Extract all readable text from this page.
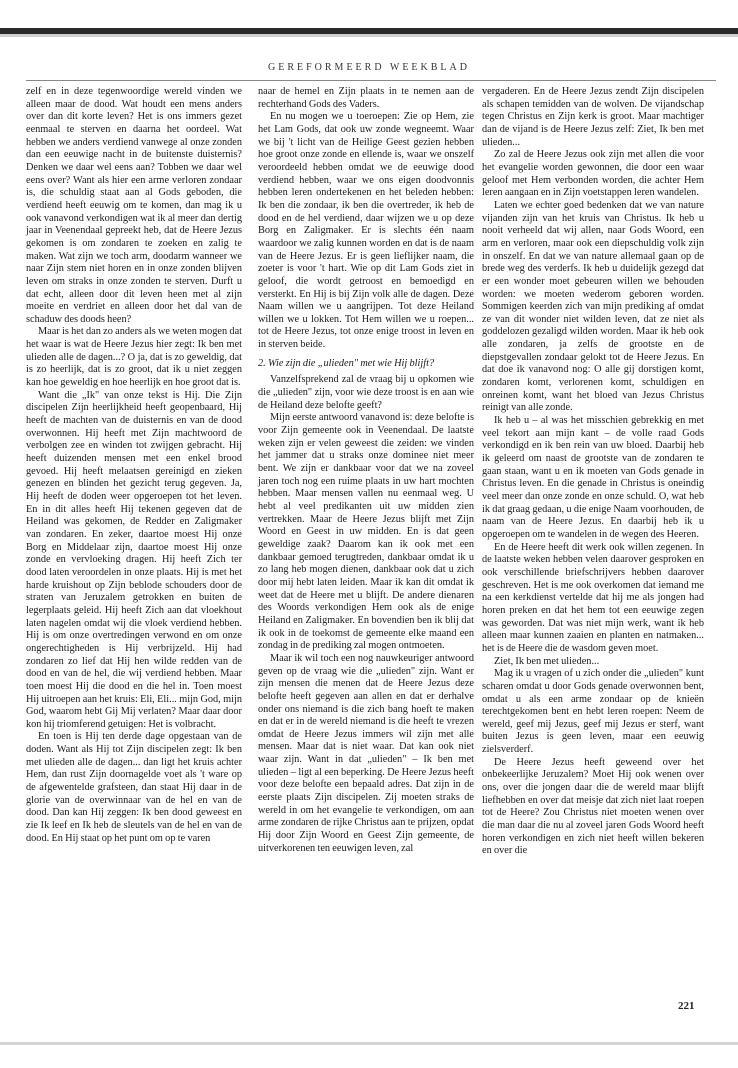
GEREFORMEERD WEEKBLAD

zelf en in deze tegenwoordige wereld vinden we alleen maar de dood. Wat houdt een mens anders over dan dit korte leven? Het is ons immers gezet eenmaal te sterven en daarna het oordeel. Wat hebben we anders verdiend vanwege al onze zonden dan een eeuwige nacht in de buitenste duisternis? Denken we daar wel eens aan? Tobben we daar wel eens over? Want als hier een arme verloren zondaar is, die schuldig staat aan al Gods geboden, die verdiend heeft eeuwig om te komen, dan mag ik u ook vanavond verkondigen wat ik al meer dan dertig jaar in Veenendaal gepreekt heb, dat de Heere Jezus gekomen is om zondaren te zoeken en zalig te maken. Wat zijn we toch arm, doodarm wanneer we naar Zijn stem niet horen en in onze zonden blijven leven om straks in onze zonden te sterven. Durft u dat echt, alleen door dit leven heen met al zijn moeite en verdriet en alleen door het dal van de schaduw des doods heen?

Maar is het dan zo anders als we weten mogen dat het waar is wat de Heere Jezus hier zegt: Ik ben met ulieden alle de dagen...? O ja, dat is zo geweldig, dat is zo heerlijk, dat is zo groot, dat ik u niet zeggen kan hoe geweldig en hoe heerlijk en hoe groot dat is.

Want die „Ik" van onze tekst is Hij. Die Zijn discipelen Zijn heerlijkheid heeft geopenbaard, Hij heeft de machten van de duisternis en van de dood overwonnen. Hij heeft met Zijn machtwoord de verbolgen zee en winden tot zwijgen gebracht. Hij heeft duizenden mensen met een enkel brood gevoed. Hij heeft melaatsen gereinigd en zieken genezen en blinden het gezicht terug gegeven. Ja, Hij heeft de doden weer opgeroepen tot het leven. En in dit alles heeft Hij tekenen gegeven dat de Heiland was gekomen, de Redder en Zaligmaker van zondaren. En zeker, daartoe moest Hij onze Borg en Middelaar zijn, daartoe moest Hij onze zonde en vervloeking dragen. Hij heeft Zich ter dood laten veroordelen in onze plaats. Hij is met het harde kruishout op Zijn beblode schouders door de straten van Jeruzalem getrokken en buiten de legerplaats geleid. Hij heeft Zich aan dat vloekhout laten nagelen omdat wij die vloek verdiend hebben. Hij is om onze overtredingen verwond en om onze ongerechtigheden is Hij verbrijzeld. Hij had zondaren zo lief dat Hij hen wilde redden van de dood en van de hel, die wij verdiend hebben. Maar toen moest Hij die dood en die hel in. Toen moest Hij uitroepen aan het kruis: Eli, Eli... mijn God, mijn God, waarom hebt Gij Mij verlaten? Maar daar door kon hij triomferend getuigen: Het is volbracht.

En toen is Hij ten derde dage opgestaan van de doden. Want als Hij tot Zijn discipelen zegt: Ik ben met ulieden alle de dagen... dan ligt het kruis achter Hem, dan rust Zijn doornagelde voet als 't ware op de afgewentelde grafsteen, dan staat Hij daar in de glorie van de overwinnaar van de hel en van de dood. Dan kan Hij zeggen: Ik ben dood geweest en zie Ik leef en Ik heb de sleutels van de hel en van de dood. En Hij staat op het punt om op te varen

naar de hemel en Zijn plaats in te nemen aan de rechterhand Gods des Vaders.

En nu mogen we u toeroepen: Zie op Hem, zie het Lam Gods, dat ook uw zonde wegneemt. Waar we bij 't licht van de Heilige Geest gezien hebben hoe groot onze zonde en ellende is, waar we onszelf veroordeeld hebben omdat we de eeuwige dood verdiend hebben, waar we ons eigen doodvonnis hebben leren ondertekenen en het beleden hebben: Ik ben die zondaar, ik ben die overtreder, ik heb de dood en de hel verdiend, daar wijzen we u op deze Borg en Zaligmaker. Er is slechts één naam waardoor we zalig kunnen worden en dat is de naam van de Heere Jezus. Er is geen lieflijker naam, die zoeter is voor 't hart. Wie op dit Lam Gods ziet in geloof, die wordt getroost en bemoedigd en versterkt. En Hij is bij Zijn volk alle de dagen. Deze Naam willen we u aangrijpen. Tot deze Heiland willen we u lokken. Tot Hem willen we u roepen... tot de Heere Jezus, tot onze enige troost in leven en in sterven beide.

2. Wie zijn die „ulieden" met wie Hij blijft?

Vanzelfsprekend zal de vraag bij u opkomen wie die „ulieden" zijn, voor wie deze troost is en aan wie de Heiland deze belofte geeft?

Mijn eerste antwoord vanavond is: deze belofte is voor Zijn gemeente ook in Veenendaal. De laatste weken zijn er velen geweest die zeiden: we vinden het jammer dat u straks onze dominee niet meer bent. We zijn er dankbaar voor dat we na zoveel jaren toch nog een ruime plaats in uw hart mochten hebben. Maar mensen vallen nu eenmaal weg. U hebt al veel predikanten uit uw midden zien vertrekken. Maar de Heere Jezus blijft met Zijn Woord en Geest in uw midden. En is dat geen geweldige zaak? Daarom kan ik ook met een dankbaar gemoed terugtreden, dankbaar omdat ik u zo lang heb mogen dienen, dankbaar ook dat u zich door mij hebt laten leiden. Maar ik kan dit omdat ik weet dat de Heere met u blijft. De andere dienaren des Woords verkondigen Hem ook als de enige Heiland en Zaligmaker. En bovendien ben ik blij dat ik ook in de toekomst de gemeente elke maand een zondag in de prediking zal mogen ontmoeten.

Maar ik wil toch een nog nauwkeuriger antwoord geven op de vraag wie die „ulieden" zijn. Want er zijn mensen die menen dat de Heere Jezus deze belofte heeft gegeven aan allen en dat er derhalve onder ons niemand is die zich bang hoeft te maken en dat er in de wereld niemand is die heeft te vrezen omdat de Heere Jezus immers wil zijn met alle mensen. Maar dat is niet waar. Dat kan ook niet waar zijn. Want in dat „ulieden" – Ik ben met ulieden – ligt al een beperking. De Heere Jezus heeft voor deze belofte een bepaald adres. Dat zijn in de eerste plaats Zijn discipelen. Zij moeten straks de wereld in om het evangelie te verkondigen, om aan arme zondaren de rijke Christus aan te prijzen, opdat Hij door Zijn Woord en Geest Zijn gemeente, de uitverkorenen ten eeuwigen leven, zal

vergaderen. En de Heere Jezus zendt Zijn discipelen als schapen temidden van de wolven. De vijandschap tegen Christus en Zijn kerk is groot. Maar machtiger dan de vijand is de Heere Jezus zelf: Ziet, Ik ben met ulieden...

Zo zal de Heere Jezus ook zijn met allen die voor het evangelie worden gewonnen, die door een waar geloof met Hem verbonden worden, die achter Hem leren aangaan en in Zijn voetstappen leren wandelen.

Laten we echter goed bedenken dat we van nature vijanden zijn van het kruis van Christus. Ik heb u nooit verheeld dat wij allen, naar Gods Woord, een arm en verloren, maar ook een diepschuldig volk zijn in onszelf. En dat we van nature allemaal gaan op de brede weg des verderfs. Ik heb u duidelijk gezegd dat er een wonder moet gebeuren willen we behouden worden: we moeten wederom geboren worden. Sommigen keerden zich van mijn prediking af omdat ze van dit wonder niet wilden leven, dat ze niet als goddelozen gezaligd wilden worden. Maar ik heb ook alle zondaren, ja zelfs de grootste en de diepstgevallen zondaar gelokt tot de Heere Jezus. En dat doe ik vanavond nog: O alle gij dorstigen komt, zondaren komt, verlorenen komt, schuldigen en onreinen komt, want het bloed van Jezus Christus reinigt van alle zonde.

Ik heb u – al was het misschien gebrekkig en met veel tekort aan mijn kant – de volle raad Gods verkondigd en ik ben rein van uw bloed. Daarbij heb ik geleerd om naast de grootste van de zondaren te gaan staan, want u en ik moeten van Gods genade in Christus leven. En die genade in Christus is oneindig veel meer dan onze zonde en onze schuld. O, wat heb ik dat graag gedaan, u die enige Naam voorhouden, de naam van de Heere Jezus. En daarbij heb ik u opgeroepen om te wandelen in de wegen des Heeren.

En de Heere heeft dit werk ook willen zegenen. In de laatste weken hebben velen daarover gesproken en ook verschillende briefschrijvers hebben daarover geschreven. Het is me ook overkomen dat iemand me na een kerkdienst vertelde dat hij me als jongen had horen preken en dat het hem tot een eeuwige zegen was geworden. Dat was niet mijn werk, want ik heb alleen maar kunnen zaaien en planten en natmaken... het is de Heere die de wasdom geven moet.

Ziet, Ik ben met ulieden...

Mag ik u vragen of u zich onder die „ulieden" kunt scharen omdat u door Gods genade overwonnen bent, omdat u als een arme zondaar op de knieën terechtgekomen bent en hebt leren roepen: Neem de wereld, geef mij Jezus, geef mij Jezus er sterf, want buiten Jezus is geen leven, maar een eeuwig zielsverderf.

De Heere Jezus heeft geweend over het onbekeerlijke Jeruzalem? Moet Hij ook wenen over ons, over die jongen daar die de wereld maar blijft liefhebben en over dat meisje dat zich niet laat roepen tot de Heere? Zou Christus niet moeten wenen over die man daar die nu al zoveel jaren Gods Woord heeft horen verkondigen en zich niet heeft willen bekeren en over die

221
